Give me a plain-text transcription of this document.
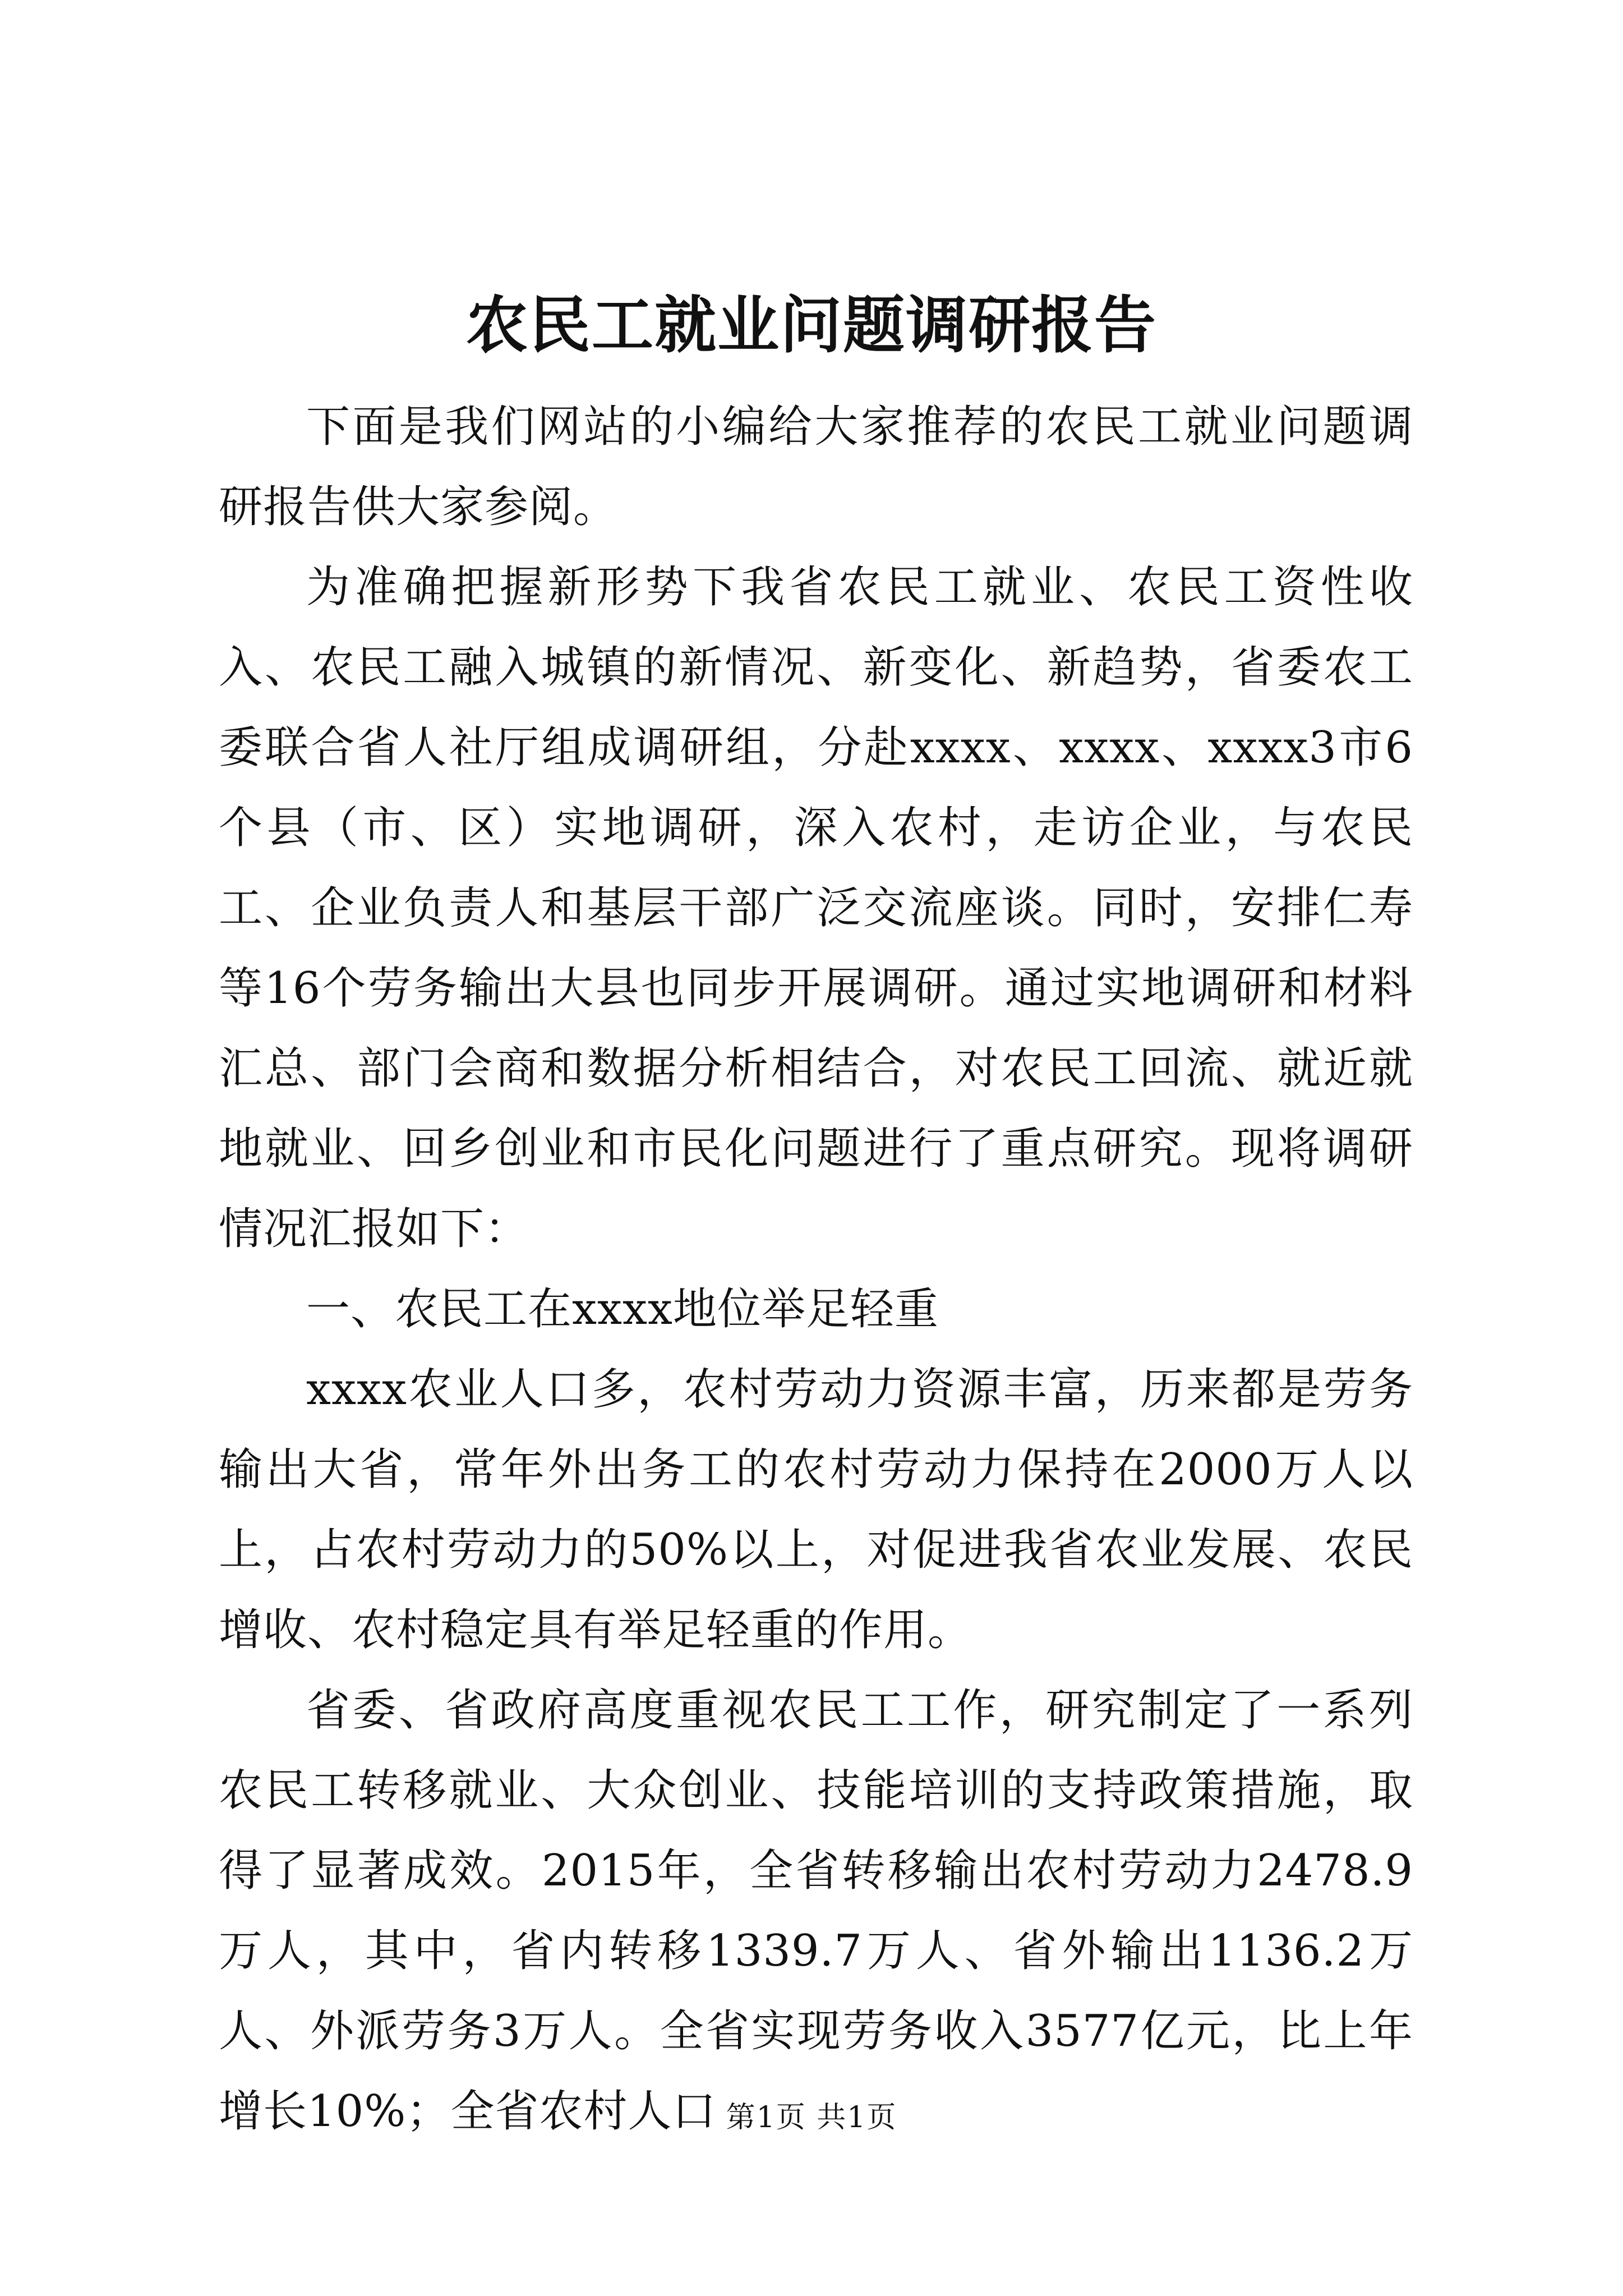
农民工就业问题调研报告

下面是我们网站的小编给大家推荐的农民工就业问题调研报告供大家参阅。

为准确把握新形势下我省农民工就业、农民工资性收入、农民工融入城镇的新情况、新变化、新趋势，省委农工委联合省人社厅组成调研组，分赴xxxx、xxxx、xxxx3市6个县（市、区）实地调研，深入农村，走访企业，与农民工、企业负责人和基层干部广泛交流座谈。同时，安排仁寿等16个劳务输出大县也同步开展调研。通过实地调研和材料汇总、部门会商和数据分析相结合，对农民工回流、就近就地就业、回乡创业和市民化问题进行了重点研究。现将调研情况汇报如下：

一、农民工在xxxx地位举足轻重

xxxx农业人口多，农村劳动力资源丰富，历来都是劳务输出大省，常年外出务工的农村劳动力保持在2000万人以上，占农村劳动力的50%以上，对促进我省农业发展、农民增收、农村稳定具有举足轻重的作用。

省委、省政府高度重视农民工工作，研究制定了一系列农民工转移就业、大众创业、技能培训的支持政策措施，取得了显著成效。2015年，全省转移输出农村劳动力2478.9万人，其中，省内转移1339.7万人、省外输出1136.2万人、外派劳务3万人。全省实现劳务收入3577亿元，比上年增长10%；全省农村人口 第1页 共1页
